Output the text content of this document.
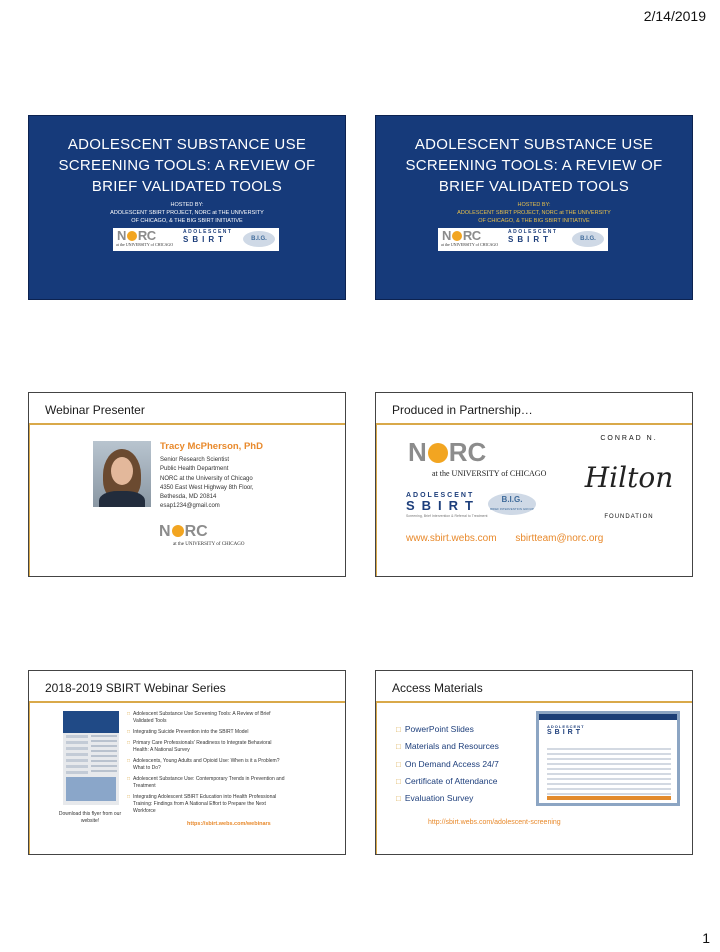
2/14/2019
ADOLESCENT SUBSTANCE USE
SCREENING TOOLS: A REVIEW OF
BRIEF VALIDATED TOOLS
HOSTED BY:
ADOLESCENT SBIRT PROJECT, NORC at THE UNIVERSITY
OF CHICAGO, & THE BIG SBIRT INITIATIVE
N RC
at the UNIVERSITY of CHICAGO
ADOLESCENT
SBIRT	B.I.G.
ADOLESCENT SUBSTANCE USE
SCREENING TOOLS: A REVIEW OF
BRIEF VALIDATED TOOLS
HOSTED BY:
ADOLESCENT SBIRT PROJECT, NORC at THE UNIVERSITY
OF CHICAGO, & THE BIG SBIRT INITIATIVE
N RC
at the UNIVERSITY of CHICAGO
ADOLESCENT
SBIRT	B.I.G.
Webinar Presenter
Tracy McPherson, PhD
Senior Research Scientist
Public Health Department
NORC at the University of Chicago
4350 East West Highway 8th Floor,
Bethesda, MD 20814
esap1234@gmail.com
N RC
at the UNIVERSITY of CHICAGO
Produced in Partnership…
N RC
at the UNIVERSITY of CHICAGO
ADOLESCENT
SBIRT
Screening, Brief Intervention & Referral to Treatment
B.I.G.
BRIEF INTERVENTION GROUP
CONRAD N.
Hilton
FOUNDATION
www.sbirt.webs.com sbirtteam@norc.org
2018-2019 SBIRT Webinar Series
Download this flyer from our website!
□ Adolescent Substance Use Screening Tools: A Review of Brief Validated Tools
□ Integrating Suicide Prevention into the SBIRT Model
□ Primary Care Professionals' Readiness to Integrate Behavioral Health: A National Survey
□ Adolescents, Young Adults and Opioid Use: When is it a Problem? What to Do?
□ Adolescent Substance Use: Contemporary Trends in Prevention and Treatment
□ Integrating Adolescent SBIRT Education into Health Professional Training: Findings from A National Effort to Prepare the Next Workforce
https://sbirt.webs.com/webinars
Access Materials
□ PowerPoint Slides
□ Materials and Resources
□ On Demand Access 24/7
□ Certificate of Attendance
□ Evaluation Survey
ADOLESCENT
SBIRT
http://sbirt.webs.com/adolescent-screening
1
